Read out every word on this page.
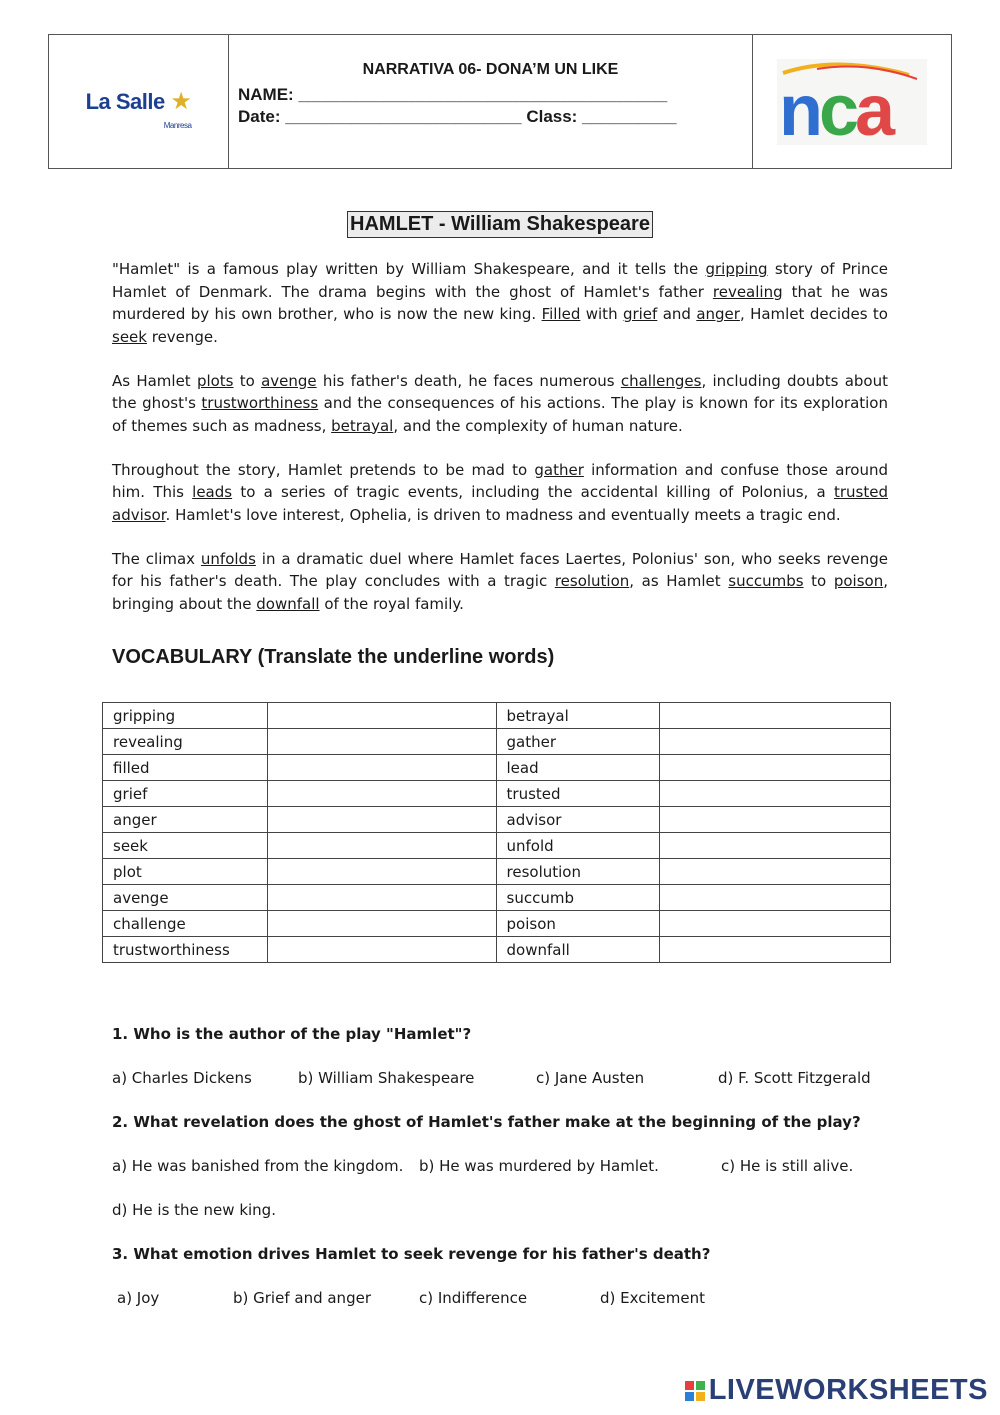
La Salle ★
Manresa
NARRATIVA 06- DONA’M UN LIKE
NAME: _______________________________________
Date: _________________________ Class: __________	nca
HAMLET - William Shakespeare

"Hamlet" is a famous play written by William Shakespeare, and it tells the gripping story of Prince Hamlet of Denmark. The drama begins with the ghost of Hamlet's father revealing that he was murdered by his own brother, who is now the new king. Filled with grief and anger, Hamlet decides to seek revenge.

As Hamlet plots to avenge his father's death, he faces numerous challenges, including doubts about the ghost's trustworthiness and the consequences of his actions. The play is known for its exploration of themes such as madness, betrayal, and the complexity of human nature.

Throughout the story, Hamlet pretends to be mad to gather information and confuse those around him. This leads to a series of tragic events, including the accidental killing of Polonius, a trusted advisor. Hamlet's love interest, Ophelia, is driven to madness and eventually meets a tragic end.

The climax unfolds in a dramatic duel where Hamlet faces Laertes, Polonius' son, who seeks revenge for his father's death. The play concludes with a tragic resolution, as Hamlet succumbs to poison, bringing about the downfall of the royal family.

VOCABULARY (Translate the underline words)
gripping		betrayal	
revealing		gather	
filled		lead	
grief		trusted	
anger		advisor	
seek		unfold	
plot		resolution	
avenge		succumb	
challenge		poison	
trustworthiness		downfall	
1. Who is the author of the play "Hamlet"?
a) Charles Dickens	b) William Shakespeare	c) Jane Austen	d) F. Scott Fitzgerald
2. What revelation does the ghost of Hamlet's father make at the beginning of the play?
a) He was banished from the kingdom. b) He was murdered by Hamlet.	c) He is still alive.
d) He is the new king.
3. What emotion drives Hamlet to seek revenge for his father's death?
a) Joy	b) Grief and anger	c) Indifference	d) Excitement
LIVEWORKSHEETS
